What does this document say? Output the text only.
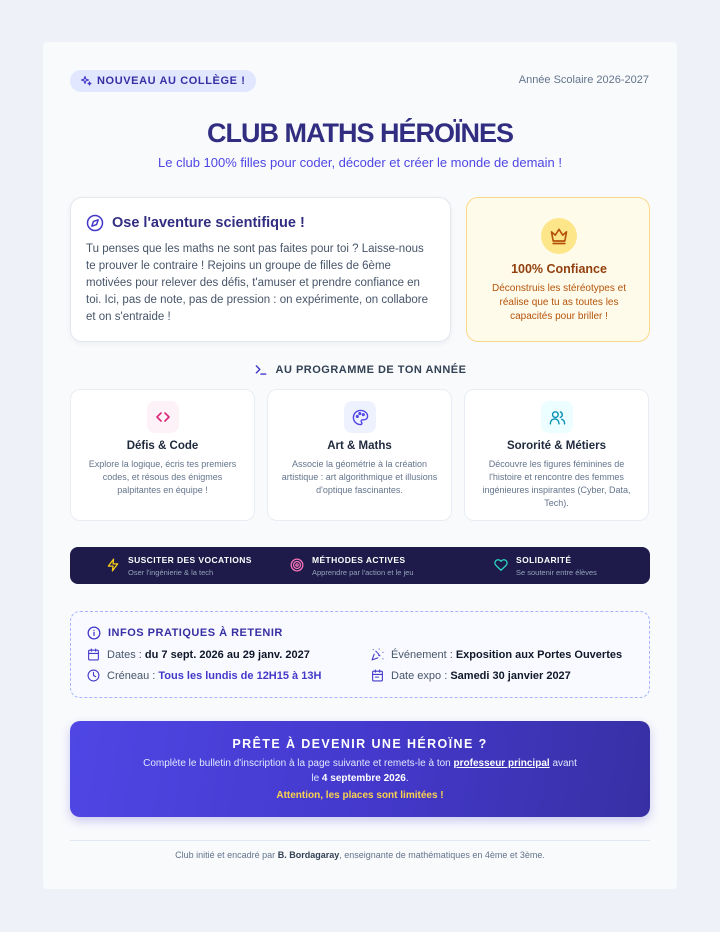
NOUVEAU AU COLLÈGE !	Année Scolaire 2026-2027
CLUB MATHS HÉROÏNES
Le club 100% filles pour coder, décoder et créer le monde de demain !
Ose l'aventure scientifique !

Tu penses que les maths ne sont pas faites pour toi ? Laisse-nous te prouver le contraire ! Rejoins un groupe de filles de 6ème motivées pour relever des défis, t'amuser et prendre confiance en toi. Ici, pas de note, pas de pression : on expérimente, on collabore et on s'entraide !

100% Confiance

Déconstruis les stéréotypes et réalise que tu as toutes les capacités pour briller !

AU PROGRAMME DE TON ANNÉE
Défis & Code

Explore la logique, écris tes premiers codes, et résous des énigmes palpitantes en équipe !

Art & Maths

Associe la géométrie à la création artistique : art algorithmique et illusions d'optique fascinantes.

Sororité & Métiers

Découvre les figures féminines de l'histoire et rencontre des femmes ingénieures inspirantes (Cyber, Data, Tech).

SUSCITER DES VOCATIONS
Oser l'ingénierie & la tech
MÉTHODES ACTIVES
Apprendre par l'action et le jeu
SOLIDARITÉ
Se soutenir entre élèves
INFOS PRATIQUES À RETENIR
Dates : du 7 sept. 2026 au 29 janv. 2027
Créneau : Tous les lundis de 12H15 à 13H
Événement : Exposition aux Portes Ouvertes
Date expo : Samedi 30 janvier 2027
PRÊTE À DEVENIR UNE HÉROÏNE ?
Complète le bulletin d'inscription à la page suivante et remets-le à ton professeur principal avant
le 4 septembre 2026.
Attention, les places sont limitées !
Club initié et encadré par B. Bordagaray, enseignante de mathématiques en 4ème et 3ème.
